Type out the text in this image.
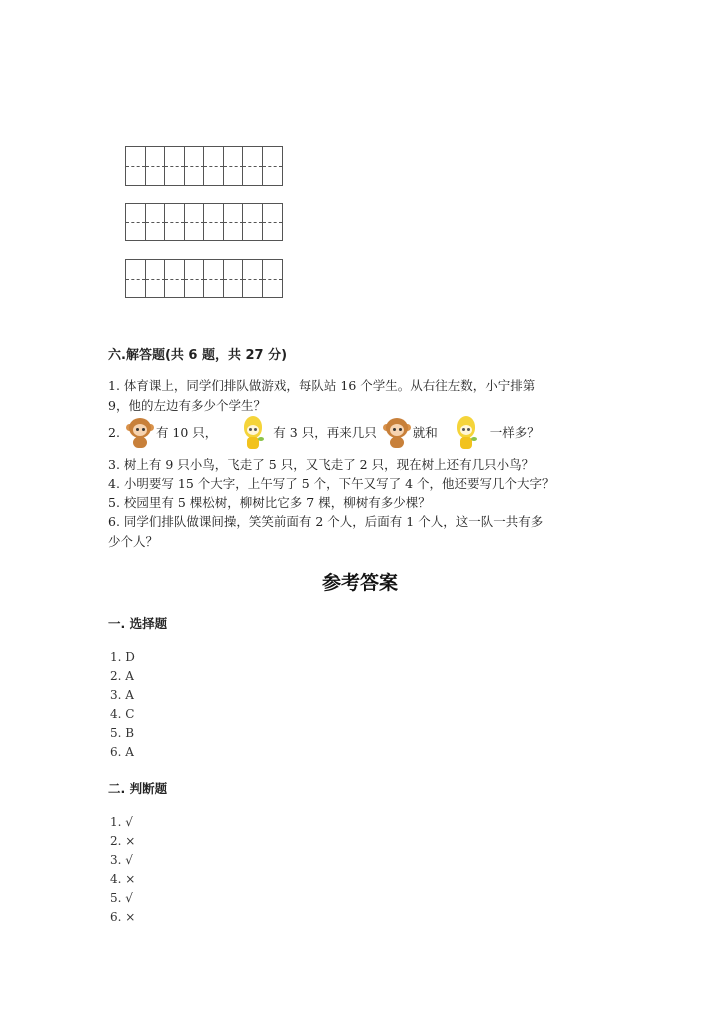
六.解答题(共 6 题，共 27 分)
1. 体育课上，同学们排队做游戏，每队站 16 个学生。从右往左数，小宁排第
9，他的左边有多少个学生？
2.	有 10 只，	有 3 只，再来几只	就和	一样多？
3. 树上有 9 只小鸟，飞走了 5 只，又飞走了 2 只，现在树上还有几只小鸟？
4. 小明要写 15 个大字，上午写了 5 个，下午又写了 4 个，他还要写几个大字？
5. 校园里有 5 棵松树，柳树比它多 7 棵，柳树有多少棵？
6. 同学们排队做课间操，笑笑前面有 2 个人，后面有 1 个人，这一队一共有多
少个人？
参考答案
一. 选择题
1. D
2. A
3. A
4. C
5. B
6. A
二. 判断题
1. √
2. ×
3. √
4. ×
5. √
6. ×
